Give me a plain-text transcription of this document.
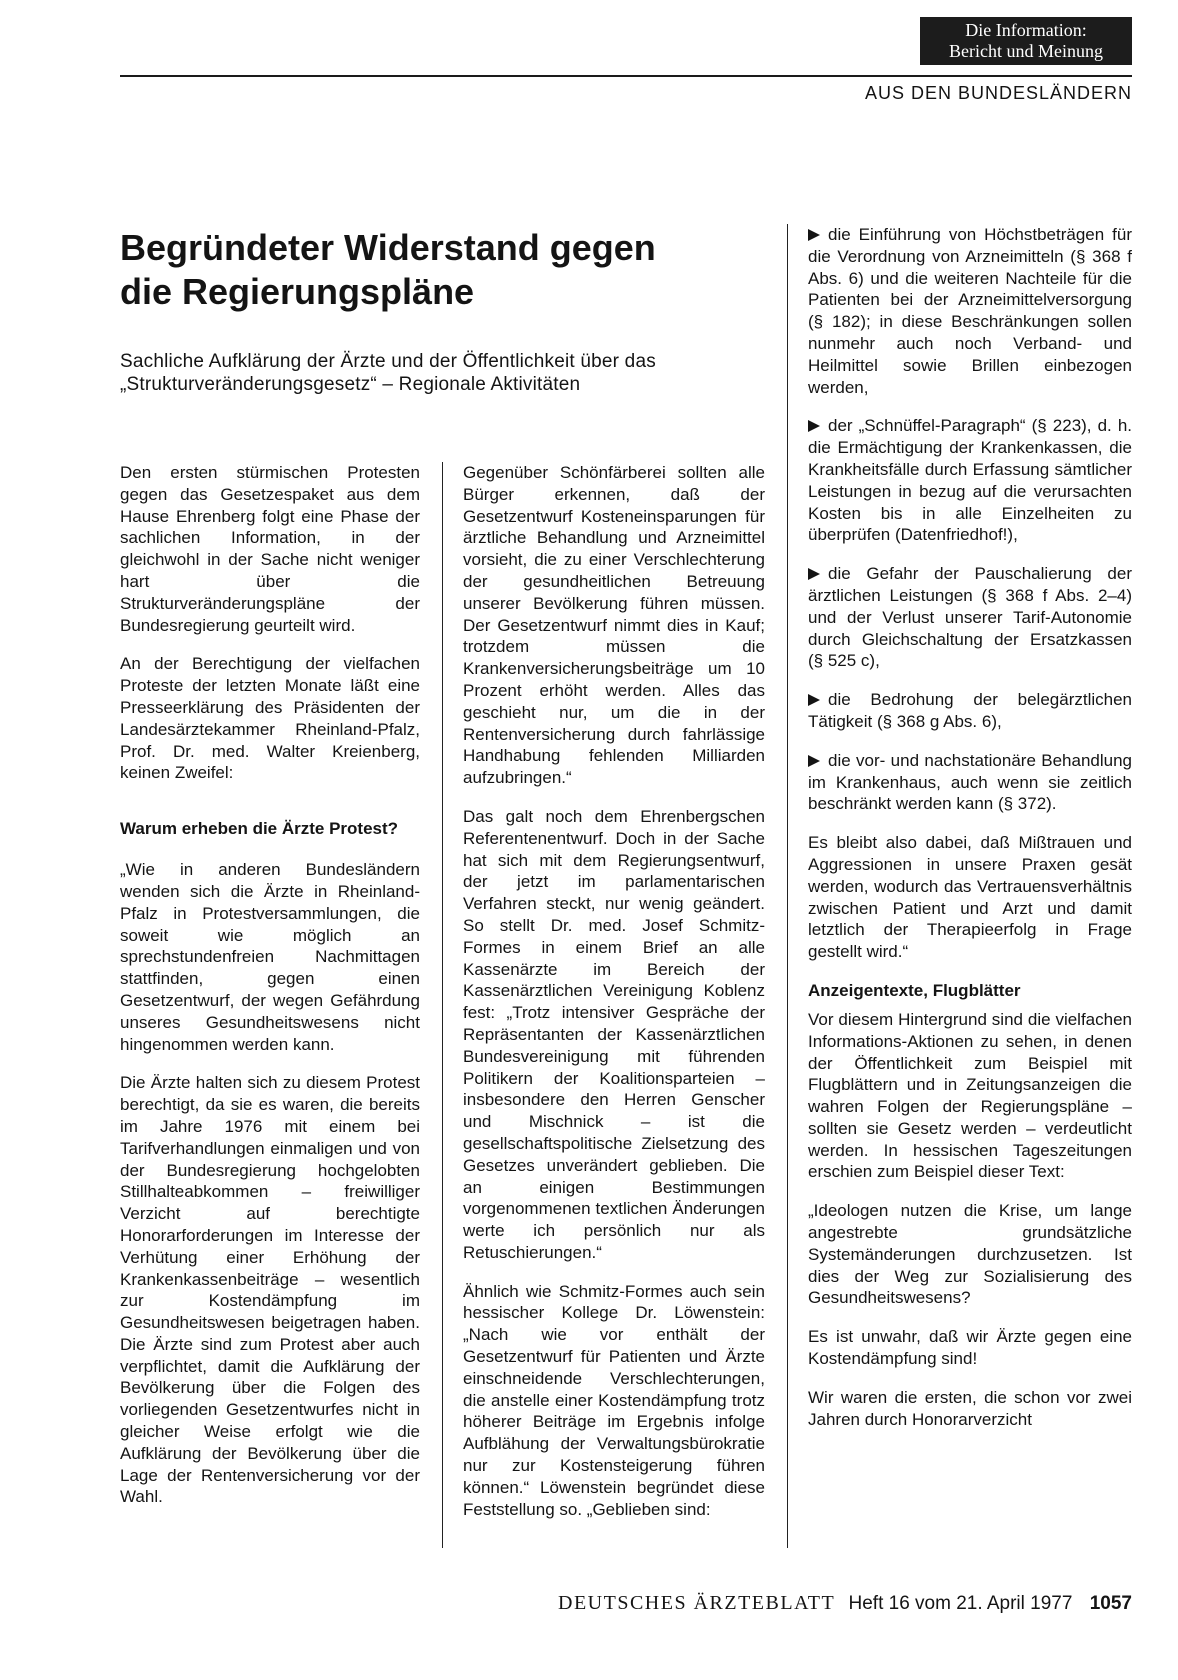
Die Information:
Bericht und Meinung
AUS DEN BUNDESLÄNDERN
Begründeter Widerstand gegen die Regierungspläne

Sachliche Aufklärung der Ärzte und der Öffentlichkeit über das „Strukturveränderungsgesetz“ – Regionale Aktivitäten

Den ersten stürmischen Protesten gegen das Gesetzespaket aus dem Hause Ehrenberg folgt eine Phase der sachlichen Information, in der gleichwohl in der Sache nicht weniger hart über die Strukturveränderungspläne der Bundesregierung geurteilt wird.

An der Berechtigung der vielfachen Proteste der letzten Monate läßt eine Presseerklärung des Präsidenten der Landesärztekammer Rheinland-Pfalz, Prof. Dr. med. Walter Kreienberg, keinen Zweifel:

Warum erheben die Ärzte Protest?

„Wie in anderen Bundesländern wenden sich die Ärzte in Rheinland-Pfalz in Protestversammlungen, die soweit wie möglich an sprechstundenfreien Nachmittagen stattfinden, gegen einen Gesetzentwurf, der wegen Gefährdung unseres Gesundheitswesens nicht hingenommen werden kann.

Die Ärzte halten sich zu diesem Protest berechtigt, da sie es waren, die bereits im Jahre 1976 mit einem bei Tarifverhandlungen einmaligen und von der Bundesregierung hochgelobten Stillhalteabkommen – freiwilliger Verzicht auf berechtigte Honorarforderungen im Interesse der Verhütung einer Erhöhung der Krankenkassenbeiträge – wesentlich zur Kostendämpfung im Gesundheitswesen beigetragen haben. Die Ärzte sind zum Protest aber auch verpflichtet, damit die Aufklärung der Bevölkerung über die Folgen des vorliegenden Gesetzentwurfes nicht in gleicher Weise erfolgt wie die Aufklärung der Bevölkerung über die Lage der Rentenversicherung vor der Wahl.

Gegenüber Schönfärberei sollten alle Bürger erkennen, daß der Gesetzentwurf Kosteneinsparungen für ärztliche Behandlung und Arzneimittel vorsieht, die zu einer Verschlechterung der gesundheitlichen Betreuung unserer Bevölkerung führen müssen. Der Gesetzentwurf nimmt dies in Kauf; trotzdem müssen die Krankenversicherungsbeiträge um 10 Prozent erhöht werden. Alles das geschieht nur, um die in der Rentenversicherung durch fahrlässige Handhabung fehlenden Milliarden aufzubringen.“

Das galt noch dem Ehrenbergschen Referentenentwurf. Doch in der Sache hat sich mit dem Regierungsentwurf, der jetzt im parlamentarischen Verfahren steckt, nur wenig geändert. So stellt Dr. med. Josef Schmitz-Formes in einem Brief an alle Kassenärzte im Bereich der Kassenärztlichen Vereinigung Koblenz fest: „Trotz intensiver Gespräche der Repräsentanten der Kassenärztlichen Bundesvereinigung mit führenden Politikern der Koalitionsparteien – insbesondere den Herren Genscher und Mischnick – ist die gesellschaftspolitische Zielsetzung des Gesetzes unverändert geblieben. Die an einigen Bestimmungen vorgenommenen textlichen Änderungen werte ich persönlich nur als Retuschierungen.“

Ähnlich wie Schmitz-Formes auch sein hessischer Kollege Dr. Löwenstein: „Nach wie vor enthält der Gesetzentwurf für Patienten und Ärzte einschneidende Verschlechterungen, die anstelle einer Kostendämpfung trotz höherer Beiträge im Ergebnis infolge Aufblähung der Verwaltungsbürokratie nur zur Kostensteigerung führen können.“ Löwenstein begründet diese Feststellung so. „Geblieben sind:

die Einführung von Höchstbeträgen für die Verordnung von Arzneimitteln (§ 368 f Abs. 6) und die weiteren Nachteile für die Patienten bei der Arzneimittelversorgung (§ 182); in diese Beschränkungen sollen nunmehr auch noch Verband- und Heilmittel sowie Brillen einbezogen werden,

der „Schnüffel-Paragraph“ (§ 223), d. h. die Ermächtigung der Krankenkassen, die Krankheitsfälle durch Erfassung sämtlicher Leistungen in bezug auf die verursachten Kosten bis in alle Einzelheiten zu überprüfen (Datenfriedhof!),

die Gefahr der Pauschalierung der ärztlichen Leistungen (§ 368 f Abs. 2–4) und der Verlust unserer Tarif-Autonomie durch Gleichschaltung der Ersatzkassen (§ 525 c),

die Bedrohung der belegärztlichen Tätigkeit (§ 368 g Abs. 6),

die vor- und nachstationäre Behandlung im Krankenhaus, auch wenn sie zeitlich beschränkt werden kann (§ 372).

Es bleibt also dabei, daß Mißtrauen und Aggressionen in unsere Praxen gesät werden, wodurch das Vertrauensverhältnis zwischen Patient und Arzt und damit letztlich der Therapieerfolg in Frage gestellt wird.“

Anzeigentexte, Flugblätter

Vor diesem Hintergrund sind die vielfachen Informations-Aktionen zu sehen, in denen der Öffentlichkeit zum Beispiel mit Flugblättern und in Zeitungsanzeigen die wahren Folgen der Regierungspläne – sollten sie Gesetz werden – verdeutlicht werden. In hessischen Tageszeitungen erschien zum Beispiel dieser Text:

„Ideologen nutzen die Krise, um lange angestrebte grundsätzliche Systemänderungen durchzusetzen. Ist dies der Weg zur Sozialisierung des Gesundheitswesens?

Es ist unwahr, daß wir Ärzte gegen eine Kostendämpfung sind!

Wir waren die ersten, die schon vor zwei Jahren durch Honorarverzicht

DEUTSCHES ÄRZTEBLATT Heft 16 vom 21. April 1977 1057
